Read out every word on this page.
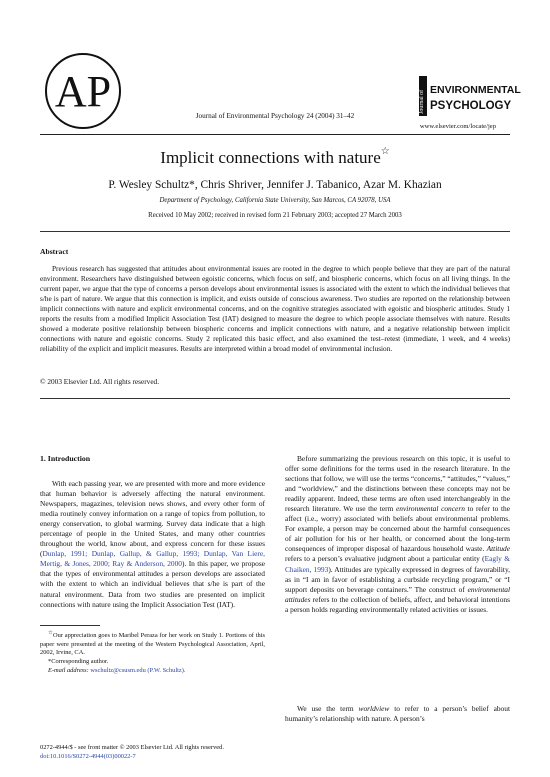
AP	Journal of Environmental Psychology 24 (2004) 31–42
www.elsevier.com/locate/jep
Journal of ENVIRONMENTAL
PSYCHOLOGY
Implicit connections with nature☆
P. Wesley Schultz*, Chris Shriver, Jennifer J. Tabanico, Azar M. Khazian
Department of Psychology, California State University, San Marcos, CA 92078, USA
Received 10 May 2002; received in revised form 21 February 2003; accepted 27 March 2003
Abstract
Previous research has suggested that attitudes about environmental issues are rooted in the degree to which people believe that they are part of the natural environment. Researchers have distinguished between egoistic concerns, which focus on self, and biospheric concerns, which focus on all living things. In the current paper, we argue that the type of concerns a person develops about environmental issues is associated with the extent to which the individual believes that s/he is part of nature. We argue that this connection is implicit, and exists outside of conscious awareness. Two studies are reported on the relationship between implicit connections with nature and explicit environmental concerns, and on the cognitive strategies associated with egoistic and biospheric attitudes. Study 1 reports the results from a modified Implicit Association Test (IAT) designed to measure the degree to which people associate themselves with nature. Results showed a moderate positive relationship between biospheric concerns and implicit connections with nature, and a negative relationship between implicit connections with nature and egoistic concerns. Study 2 replicated this basic effect, and also examined the test–retest (immediate, 1 week, and 4 weeks) reliability of the explicit and implicit measures. Results are interpreted within a broad model of environmental inclusion.
© 2003 Elsevier Ltd. All rights reserved.
1. Introduction
With each passing year, we are presented with more and more evidence that human behavior is adversely affecting the natural environment. Newspapers, magazines, television news shows, and every other form of media routinely convey information on a range of topics from pollution, to energy conservation, to global warming. Survey data indicate that a high percentage of people in the United States, and many other countries throughout the world, know about, and express concern for these issues (Dunlap, 1991; Dunlap, Gallup, & Gallup, 1993; Dunlap, Van Liere, Mertig, & Jones, 2000; Ray & Anderson, 2000). In this paper, we propose that the types of environmental attitudes a person develops are associated with the extent to which an individual believes that s/he is part of the natural environment. Data from two studies are presented on implicit connections with nature using the Implicit Association Test (IAT).

☆Our appreciation goes to Maribel Peraza for her work on Study 1. Portions of this paper were presented at the meeting of the Western Psychological Association, April, 2002, Irvine, CA.

*Corresponding author.

E-mail address: wschultz@csusm.edu (P.W. Schultz).

0272-4944/$ - see front matter © 2003 Elsevier Ltd. All rights reserved.
doi:10.1016/S0272-4944(03)00022-7
Before summarizing the previous research on this topic, it is useful to offer some definitions for the terms used in the research literature. In the sections that follow, we will use the terms “concerns,” “attitudes,” “values,” and “worldview,” and the distinctions between these concepts may not be readily apparent. Indeed, these terms are often used interchangeably in the research literature. We use the term environmental concern to refer to the affect (i.e., worry) associated with beliefs about environmental problems. For example, a person may be concerned about the harmful consequences of air pollution for his or her health, or concerned about the long-term consequences of improper disposal of hazardous household waste. Attitude refers to a person’s evaluative judgment about a particular entity (Eagly & Chaiken, 1993). Attitudes are typically expressed in degrees of favorability, as in “I am in favor of establishing a curbside recycling program,” or “I support deposits on beverage containers.” The construct of environmental attitudes refers to the collection of beliefs, affect, and behavioral intentions a person holds regarding environmentally related activities or issues.
We use the term worldview to refer to a person’s belief about humanity’s relationship with nature. A person’s
